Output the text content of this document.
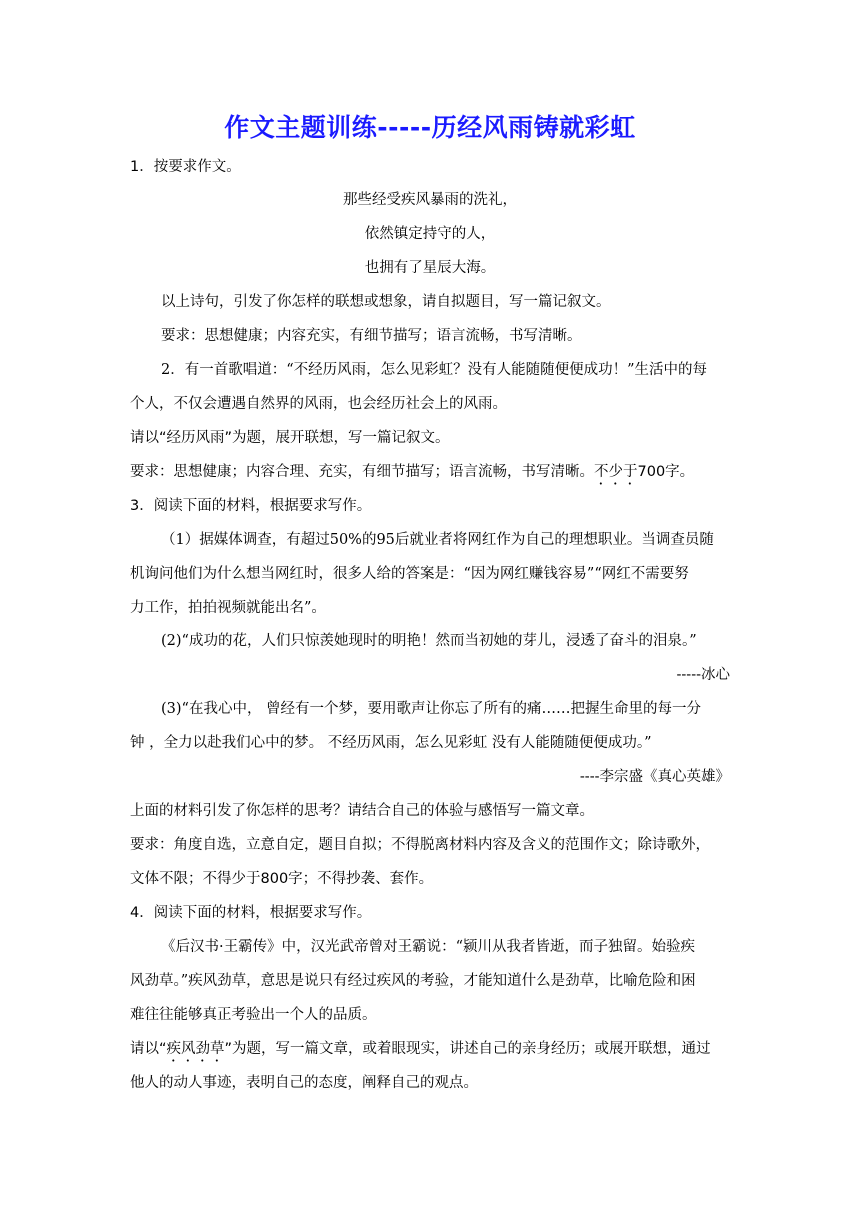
作文主题训练-----历经风雨铸就彩虹
1．按要求作文。
那些经受疾风暴雨的洗礼，
依然镇定持守的人，
也拥有了星辰大海。
以上诗句，引发了你怎样的联想或想象，请自拟题目，写一篇记叙文。
要求：思想健康；内容充实，有细节描写；语言流畅，书写清晰。
2．有一首歌唱道：“不经历风雨，怎么见彩虹？没有人能随随便便成功！”生活中的每
个人，不仅会遭遇自然界的风雨，也会经历社会上的风雨。
请以“经历风雨”为题，展开联想，写一篇记叙文。
要求：思想健康；内容合理、充实，有细节描写；语言流畅，书写清晰。不少于700字。
3．阅读下面的材料，根据要求写作。
（1）据媒体调查，有超过50%的95后就业者将网红作为自己的理想职业。当调查员随
机询问他们为什么想当网红时，很多人给的答案是：“因为网红赚钱容易”“网红不需要努
力工作，拍拍视频就能出名”。
(2)“成功的花，人们只惊羡她现时的明艳！然而当初她的芽儿，浸透了奋斗的泪泉。”
-----冰心
(3)“在我心中， 曾经有一个梦，要用歌声让你忘了所有的痛……把握生命里的每一分
钟 ，全力以赴我们心中的梦。 不经历风雨，怎么见彩虹 没有人能随随便便成功。”
----李宗盛《真心英雄》
上面的材料引发了你怎样的思考？请结合自己的体验与感悟写一篇文章。
要求：角度自选，立意自定，题目自拟；不得脱离材料内容及含义的范围作文；除诗歌外，
文体不限；不得少于800字；不得抄袭、套作。
4．阅读下面的材料，根据要求写作。
《后汉书·王霸传》中，汉光武帝曾对王霸说：“颍川从我者皆逝，而子独留。始验疾
风劲草。”疾风劲草，意思是说只有经过疾风的考验，才能知道什么是劲草，比喻危险和困
难往往能够真正考验出一个人的品质。
请以“疾风劲草”为题，写一篇文章，或着眼现实，讲述自己的亲身经历；或展开联想，通过
他人的动人事迹，表明自己的态度，阐释自己的观点。
